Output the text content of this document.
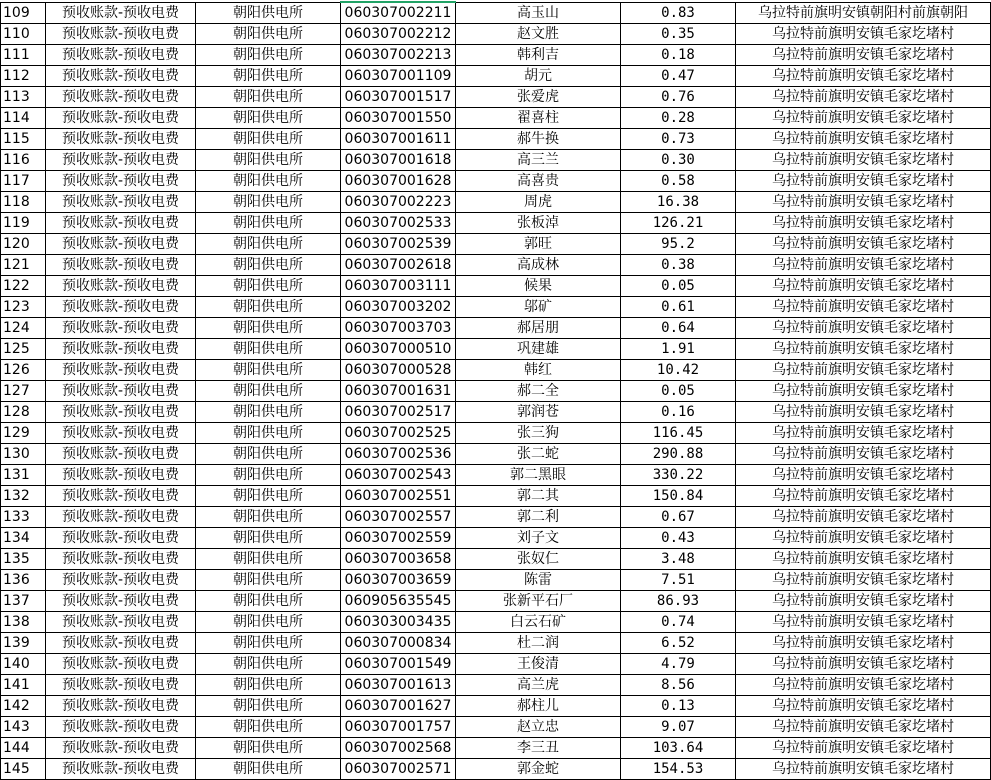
109	预收账款-预收电费	朝阳供电所	060307002211	高玉山	0.83	乌拉特前旗明安镇朝阳村前旗朝阳
110	预收账款-预收电费	朝阳供电所	060307002212	赵文胜	0.35	乌拉特前旗明安镇毛家圪堵村
111	预收账款-预收电费	朝阳供电所	060307002213	韩利吉	0.18	乌拉特前旗明安镇毛家圪堵村
112	预收账款-预收电费	朝阳供电所	060307001109	胡元	0.47	乌拉特前旗明安镇毛家圪堵村
113	预收账款-预收电费	朝阳供电所	060307001517	张爱虎	0.76	乌拉特前旗明安镇毛家圪堵村
114	预收账款-预收电费	朝阳供电所	060307001550	翟喜柱	0.28	乌拉特前旗明安镇毛家圪堵村
115	预收账款-预收电费	朝阳供电所	060307001611	郝牛换	0.73	乌拉特前旗明安镇毛家圪堵村
116	预收账款-预收电费	朝阳供电所	060307001618	高三兰	0.30	乌拉特前旗明安镇毛家圪堵村
117	预收账款-预收电费	朝阳供电所	060307001628	高喜贵	0.58	乌拉特前旗明安镇毛家圪堵村
118	预收账款-预收电费	朝阳供电所	060307002223	周虎	16.38	乌拉特前旗明安镇毛家圪堵村
119	预收账款-预收电费	朝阳供电所	060307002533	张板淖	126.21	乌拉特前旗明安镇毛家圪堵村
120	预收账款-预收电费	朝阳供电所	060307002539	郭旺	95.2	乌拉特前旗明安镇毛家圪堵村
121	预收账款-预收电费	朝阳供电所	060307002618	高成林	0.38	乌拉特前旗明安镇毛家圪堵村
122	预收账款-预收电费	朝阳供电所	060307003111	候果	0.05	乌拉特前旗明安镇毛家圪堵村
123	预收账款-预收电费	朝阳供电所	060307003202	邬矿	0.61	乌拉特前旗明安镇毛家圪堵村
124	预收账款-预收电费	朝阳供电所	060307003703	郝居朋	0.64	乌拉特前旗明安镇毛家圪堵村
125	预收账款-预收电费	朝阳供电所	060307000510	巩建雄	1.91	乌拉特前旗明安镇毛家圪堵村
126	预收账款-预收电费	朝阳供电所	060307000528	韩红	10.42	乌拉特前旗明安镇毛家圪堵村
127	预收账款-预收电费	朝阳供电所	060307001631	郝二全	0.05	乌拉特前旗明安镇毛家圪堵村
128	预收账款-预收电费	朝阳供电所	060307002517	郭润苍	0.16	乌拉特前旗明安镇毛家圪堵村
129	预收账款-预收电费	朝阳供电所	060307002525	张三狗	116.45	乌拉特前旗明安镇毛家圪堵村
130	预收账款-预收电费	朝阳供电所	060307002536	张二蛇	290.88	乌拉特前旗明安镇毛家圪堵村
131	预收账款-预收电费	朝阳供电所	060307002543	郭二黑眼	330.22	乌拉特前旗明安镇毛家圪堵村
132	预收账款-预收电费	朝阳供电所	060307002551	郭二其	150.84	乌拉特前旗明安镇毛家圪堵村
133	预收账款-预收电费	朝阳供电所	060307002557	郭二利	0.67	乌拉特前旗明安镇毛家圪堵村
134	预收账款-预收电费	朝阳供电所	060307002559	刘子文	0.43	乌拉特前旗明安镇毛家圪堵村
135	预收账款-预收电费	朝阳供电所	060307003658	张奴仁	3.48	乌拉特前旗明安镇毛家圪堵村
136	预收账款-预收电费	朝阳供电所	060307003659	陈雷	7.51	乌拉特前旗明安镇毛家圪堵村
137	预收账款-预收电费	朝阳供电所	060905635545	张新平石厂	86.93	乌拉特前旗明安镇毛家圪堵村
138	预收账款-预收电费	朝阳供电所	060303003435	白云石矿	0.74	乌拉特前旗明安镇毛家圪堵村
139	预收账款-预收电费	朝阳供电所	060307000834	杜二润	6.52	乌拉特前旗明安镇毛家圪堵村
140	预收账款-预收电费	朝阳供电所	060307001549	王俊清	4.79	乌拉特前旗明安镇毛家圪堵村
141	预收账款-预收电费	朝阳供电所	060307001613	高兰虎	8.56	乌拉特前旗明安镇毛家圪堵村
142	预收账款-预收电费	朝阳供电所	060307001627	郝柱儿	0.13	乌拉特前旗明安镇毛家圪堵村
143	预收账款-预收电费	朝阳供电所	060307001757	赵立忠	9.07	乌拉特前旗明安镇毛家圪堵村
144	预收账款-预收电费	朝阳供电所	060307002568	李三丑	103.64	乌拉特前旗明安镇毛家圪堵村
145	预收账款-预收电费	朝阳供电所	060307002571	郭金蛇	154.53	乌拉特前旗明安镇毛家圪堵村
